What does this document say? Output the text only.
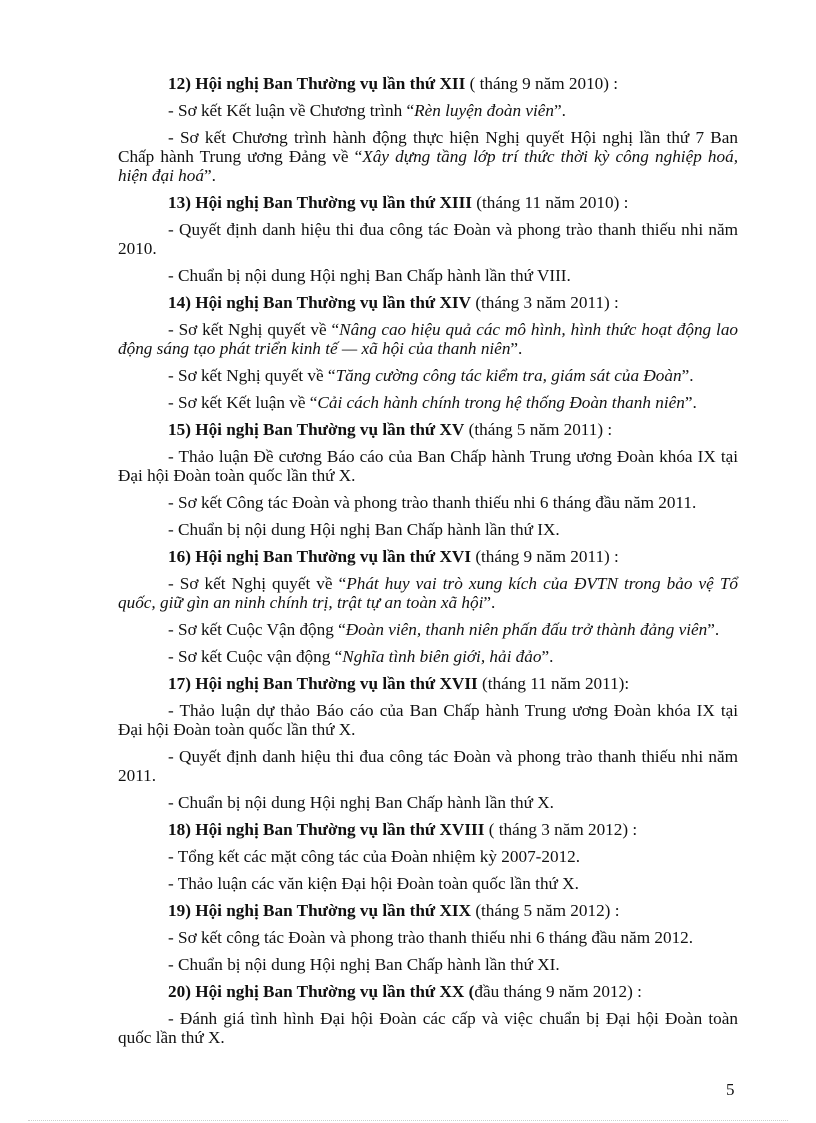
12) Hội nghị Ban Thường vụ lần thứ XII ( tháng 9 năm 2010) :

- Sơ kết Kết luận về Chương trình “Rèn luyện đoàn viên”.

- Sơ kết Chương trình hành động thực hiện Nghị quyết Hội nghị lần thứ 7 Ban Chấp hành Trung ương Đảng về “Xây dựng tầng lớp trí thức thời kỳ công nghiệp hoá, hiện đại hoá”.

13) Hội nghị Ban Thường vụ lần thứ XIII (tháng 11 năm 2010) :

- Quyết định danh hiệu thi đua công tác Đoàn và phong trào thanh thiếu nhi năm 2010.

- Chuẩn bị nội dung Hội nghị Ban Chấp hành lần thứ VIII.

14) Hội nghị Ban Thường vụ lần thứ XIV (tháng 3 năm 2011) :

- Sơ kết Nghị quyết về “Nâng cao hiệu quả các mô hình, hình thức hoạt động lao động sáng tạo phát triển kinh tế — xã hội của thanh niên”.

- Sơ kết Nghị quyết về “Tăng cường công tác kiểm tra, giám sát của Đoàn”.

- Sơ kết Kết luận về “Cải cách hành chính trong hệ thống Đoàn thanh niên”.

15) Hội nghị Ban Thường vụ lần thứ XV (tháng 5 năm 2011) :

- Thảo luận Đề cương Báo cáo của Ban Chấp hành Trung ương Đoàn khóa IX tại Đại hội Đoàn toàn quốc lần thứ X.

- Sơ kết Công tác Đoàn và phong trào thanh thiếu nhi 6 tháng đầu năm 2011.

- Chuẩn bị nội dung Hội nghị Ban Chấp hành lần thứ IX.

16) Hội nghị Ban Thường vụ lần thứ XVI (tháng 9 năm 2011) :

- Sơ kết Nghị quyết về “Phát huy vai trò xung kích của ĐVTN trong bảo vệ Tổ quốc, giữ gìn an ninh chính trị, trật tự an toàn xã hội”.

- Sơ kết Cuộc Vận động “Đoàn viên, thanh niên phấn đấu trở thành đảng viên”.

- Sơ kết Cuộc vận động “Nghĩa tình biên giới, hải đảo”.

17) Hội nghị Ban Thường vụ lần thứ XVII (tháng 11 năm 2011):

- Thảo luận dự thảo Báo cáo của Ban Chấp hành Trung ương Đoàn khóa IX tại Đại hội Đoàn toàn quốc lần thứ X.

- Quyết định danh hiệu thi đua công tác Đoàn và phong trào thanh thiếu nhi năm 2011.

- Chuẩn bị nội dung Hội nghị Ban Chấp hành lần thứ X.

18) Hội nghị Ban Thường vụ lần thứ XVIII ( tháng 3 năm 2012) :

- Tổng kết các mặt công tác của Đoàn nhiệm kỳ 2007-2012.

- Thảo luận các văn kiện Đại hội Đoàn toàn quốc lần thứ X.

19) Hội nghị Ban Thường vụ lần thứ XIX (tháng 5 năm 2012) :

- Sơ kết công tác Đoàn và phong trào thanh thiếu nhi 6 tháng đầu năm 2012.

- Chuẩn bị nội dung Hội nghị Ban Chấp hành lần thứ XI.

20) Hội nghị Ban Thường vụ lần thứ XX (đầu tháng 9 năm 2012) :

- Đánh giá tình hình Đại hội Đoàn các cấp và việc chuẩn bị Đại hội Đoàn toàn quốc lần thứ X.

5
